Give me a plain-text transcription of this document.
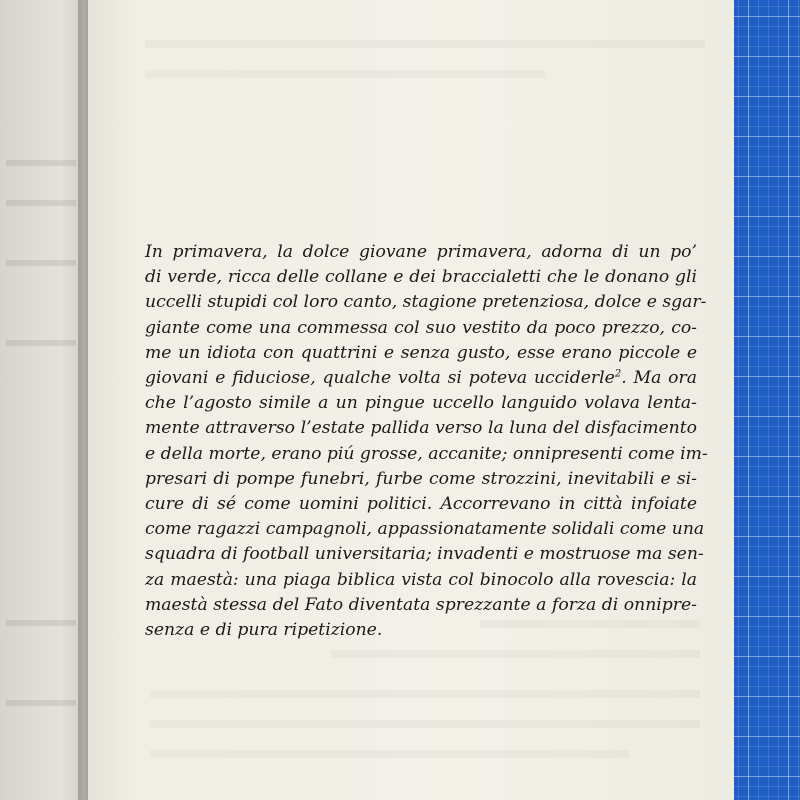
In primavera, la dolce giovane primavera, adorna di un po’
di verde, ricca delle collane e dei braccialetti che le donano gli
uccelli stupidi col loro canto, stagione pretenziosa, dolce e sgar-
giante come una commessa col suo vestito da poco prezzo, co-
me un idiota con quattrini e senza gusto, esse erano piccole e
giovani e fiduciose, qualche volta si poteva ucciderle$^2$. Ma ora
che l’agosto simile a un pingue uccello languido volava lenta-
mente attraverso l’estate pallida verso la luna del disfacimento
e della morte, erano piú grosse, accanite; onnipresenti come im-
presari di pompe funebri, furbe come strozzini, inevitabili e si-
cure di sé come uomini politici. Accorrevano in città infoiate
come ragazzi campagnoli, appassionatamente solidali come una
squadra di football universitaria; invadenti e mostruose ma sen-
za maestà: una piaga biblica vista col binocolo alla rovescia: la
maestà stessa del Fato diventata sprezzante a forza di onnipre-
senza e di pura ripetizione.
